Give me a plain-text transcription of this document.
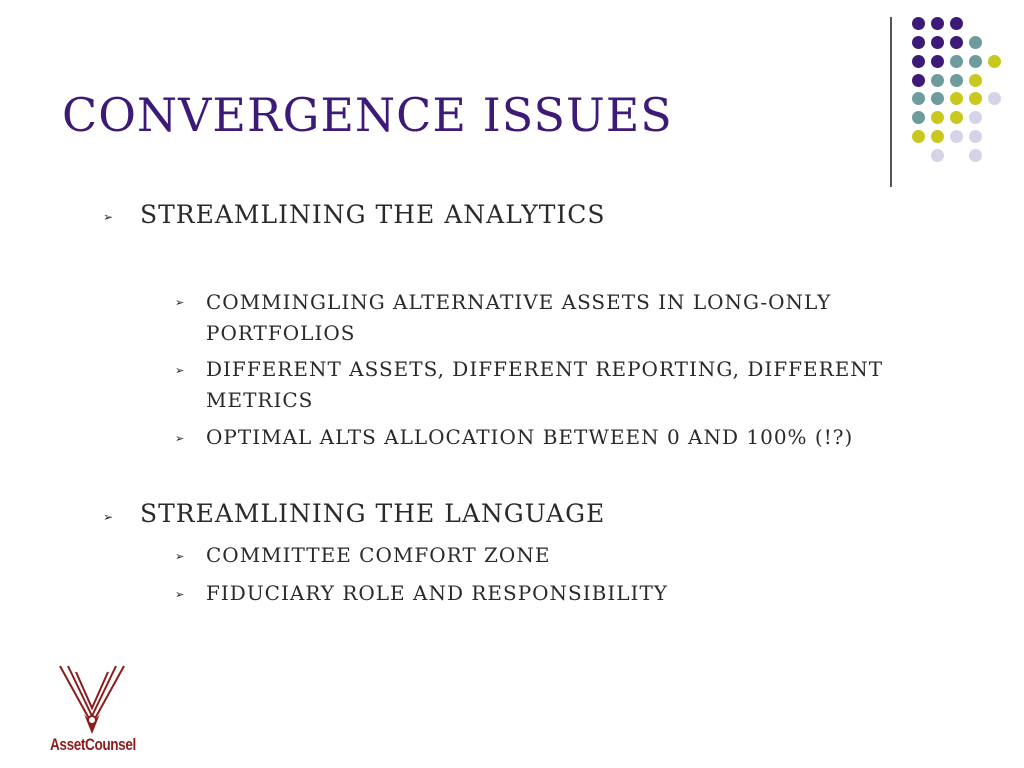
CONVERGENCE ISSUES
➢ STREAMLINING THE ANALYTICS
➢ COMMINGLING ALTERNATIVE ASSETS IN LONG-ONLY PORTFOLIOS
➢ DIFFERENT ASSETS, DIFFERENT REPORTING, DIFFERENT METRICS
➢ OPTIMAL ALTS ALLOCATION BETWEEN 0 AND 100% (!?)
➢ STREAMLINING THE LANGUAGE
➢ COMMITTEE COMFORT ZONE
➢ FIDUCIARY ROLE AND RESPONSIBILITY
AssetCounsel
